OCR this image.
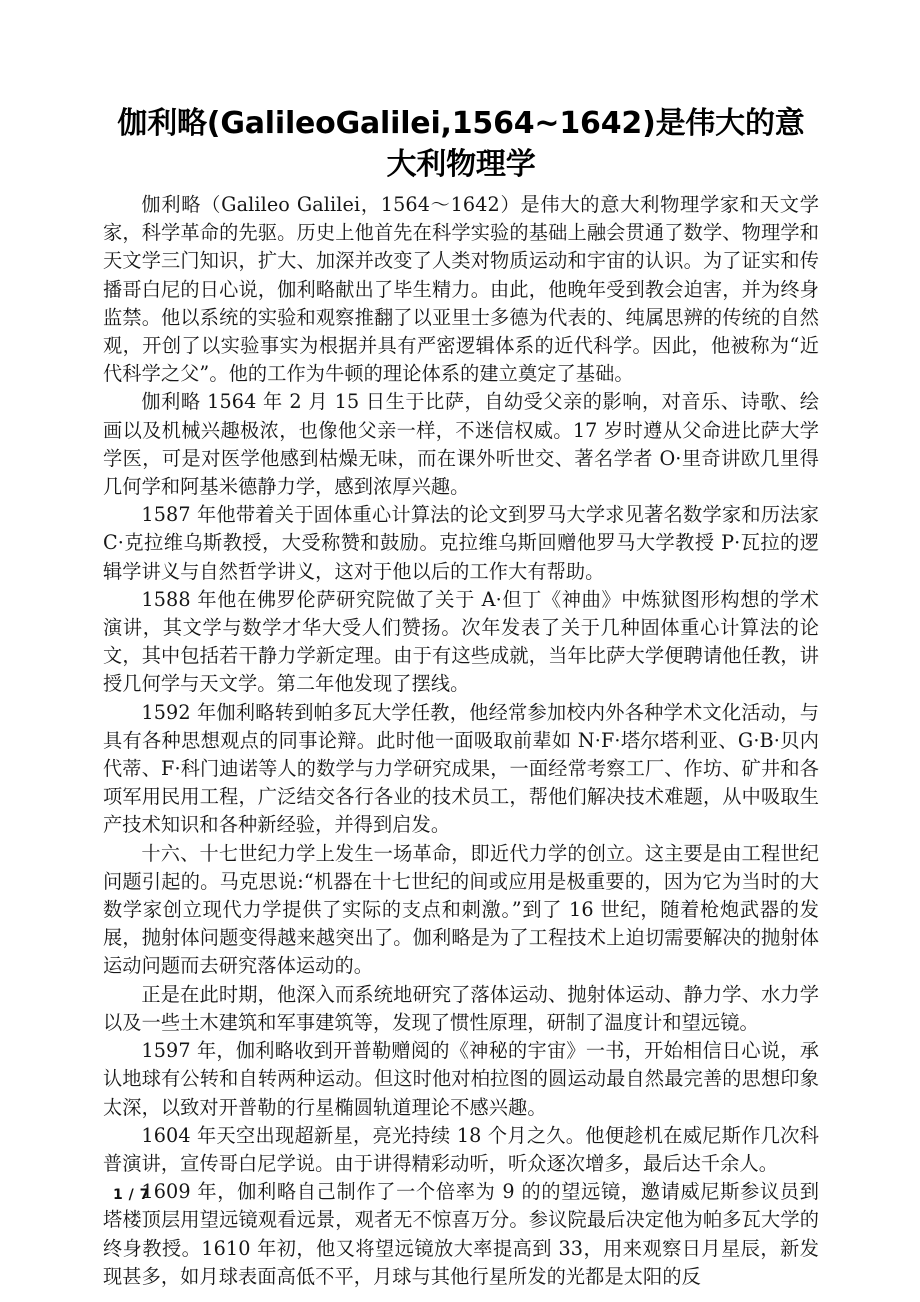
伽利略(GalileoGalilei,1564~1642)是伟大的意大利物理学

伽利略（Galileo Galilei，1564～1642）是伟大的意大利物理学家和天文学家，科学革命的先驱。历史上他首先在科学实验的基础上融会贯通了数学、物理学和天文学三门知识，扩大、加深并改变了人类对物质运动和宇宙的认识。为了证实和传播哥白尼的日心说，伽利略献出了毕生精力。由此，他晚年受到教会迫害，并为终身监禁。他以系统的实验和观察推翻了以亚里士多德为代表的、纯属思辨的传统的自然观，开创了以实验事实为根据并具有严密逻辑体系的近代科学。因此，他被称为“近代科学之父”。他的工作为牛顿的理论体系的建立奠定了基础。

伽利略 1564 年 2 月 15 日生于比萨，自幼受父亲的影响，对音乐、诗歌、绘画以及机械兴趣极浓，也像他父亲一样，不迷信权威。17 岁时遵从父命进比萨大学学医，可是对医学他感到枯燥无味，而在课外听世交、著名学者 O·里奇讲欧几里得几何学和阿基米德静力学，感到浓厚兴趣。

1587 年他带着关于固体重心计算法的论文到罗马大学求见著名数学家和历法家 C·克拉维乌斯教授，大受称赞和鼓励。克拉维乌斯回赠他罗马大学教授 P·瓦拉的逻辑学讲义与自然哲学讲义，这对于他以后的工作大有帮助。

1588 年他在佛罗伦萨研究院做了关于 A·但丁《神曲》中炼狱图形构想的学术演讲，其文学与数学才华大受人们赞扬。次年发表了关于几种固体重心计算法的论文，其中包括若干静力学新定理。由于有这些成就，当年比萨大学便聘请他任教，讲授几何学与天文学。第二年他发现了摆线。

1592 年伽利略转到帕多瓦大学任教，他经常参加校内外各种学术文化活动，与具有各种思想观点的同事论辩。此时他一面吸取前辈如 N·F·塔尔塔利亚、G·B·贝内代蒂、F·科门迪诺等人的数学与力学研究成果，一面经常考察工厂、作坊、矿井和各项军用民用工程，广泛结交各行各业的技术员工，帮他们解决技术难题，从中吸取生产技术知识和各种新经验，并得到启发。

十六、十七世纪力学上发生一场革命，即近代力学的创立。这主要是由工程世纪问题引起的。马克思说:“机器在十七世纪的间或应用是极重要的，因为它为当时的大数学家创立现代力学提供了实际的支点和刺激。”到了 16 世纪，随着枪炮武器的发展，抛射体问题变得越来越突出了。伽利略是为了工程技术上迫切需要解决的抛射体运动问题而去研究落体运动的。

正是在此时期，他深入而系统地研究了落体运动、抛射体运动、静力学、水力学以及一些土木建筑和军事建筑等，发现了惯性原理，研制了温度计和望远镜。

1597 年，伽利略收到开普勒赠阅的《神秘的宇宙》一书，开始相信日心说，承认地球有公转和自转两种运动。但这时他对柏拉图的圆运动最自然最完善的思想印象太深，以致对开普勒的行星椭圆轨道理论不感兴趣。

1604 年天空出现超新星，亮光持续 18 个月之久。他便趁机在威尼斯作几次科普演讲，宣传哥白尼学说。由于讲得精彩动听，听众逐次增多，最后达千余人。

1609 年，伽利略自己制作了一个倍率为 9 的的望远镜，邀请威尼斯参议员到塔楼顶层用望远镜观看远景，观者无不惊喜万分。参议院最后决定他为帕多瓦大学的终身教授。1610 年初，他又将望远镜放大率提高到 33，用来观察日月星辰，新发现甚多，如月球表面高低不平，月球与其他行星所发的光都是太阳的反

1 / 7
